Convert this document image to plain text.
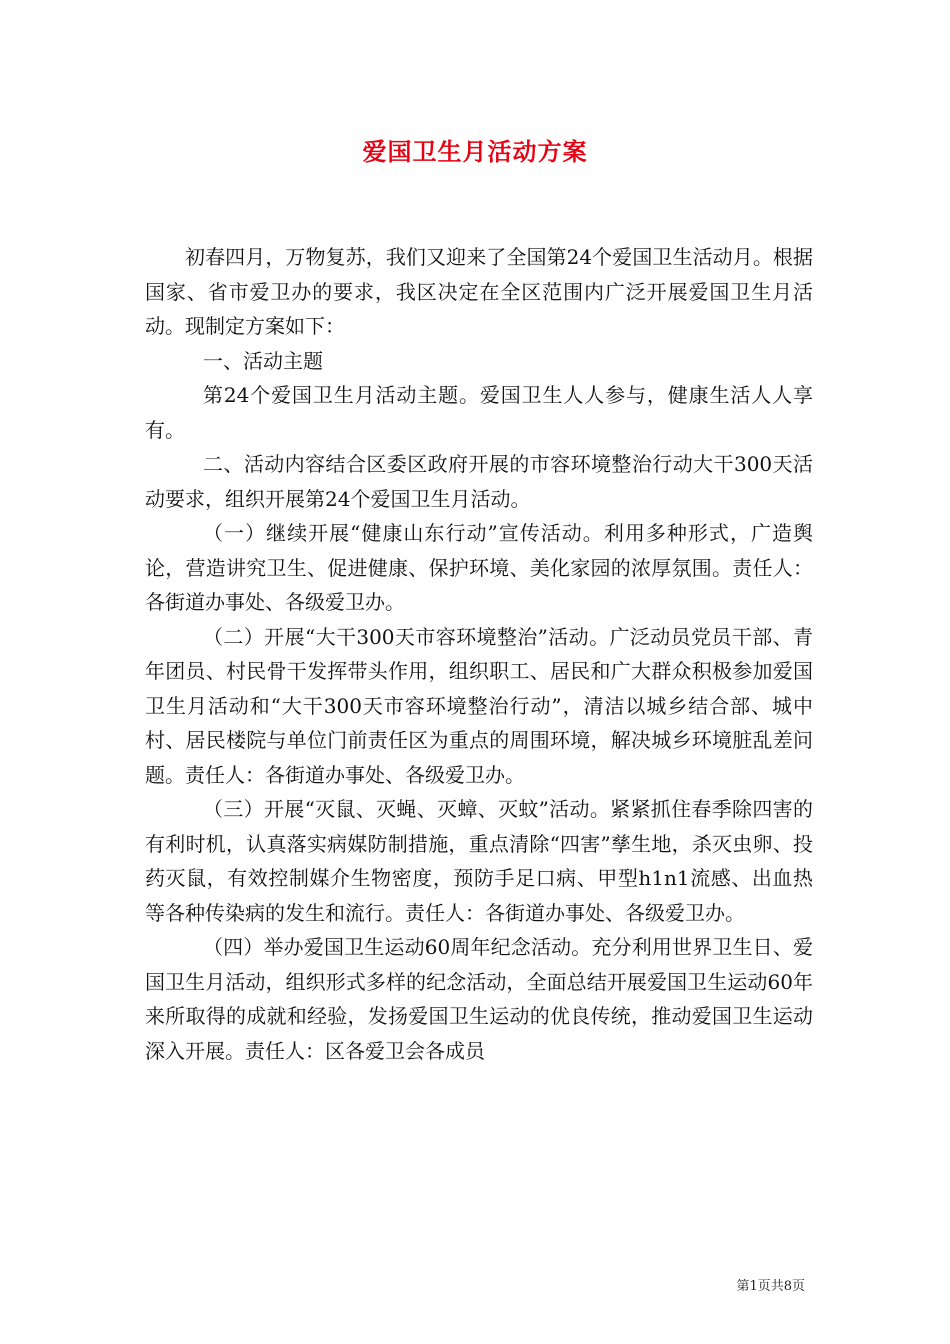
爱国卫生月活动方案

初春四月，万物复苏，我们又迎来了全国第24个爱国卫生活动月。根据国家、省市爱卫办的要求，我区决定在全区范围内广泛开展爱国卫生月活动。现制定方案如下：

一、活动主题

第24个爱国卫生月活动主题。爱国卫生人人参与，健康生活人人享有。

二、活动内容结合区委区政府开展的市容环境整治行动大干300天活动要求，组织开展第24个爱国卫生月活动。

（一）继续开展“健康山东行动”宣传活动。利用多种形式，广造舆论，营造讲究卫生、促进健康、保护环境、美化家园的浓厚氛围。责任人：各街道办事处、各级爱卫办。

（二）开展“大干300天市容环境整治”活动。广泛动员党员干部、青年团员、村民骨干发挥带头作用，组织职工、居民和广大群众积极参加爱国卫生月活动和“大干300天市容环境整治行动”，清洁以城乡结合部、城中村、居民楼院与单位门前责任区为重点的周围环境，解决城乡环境脏乱差问题。责任人：各街道办事处、各级爱卫办。

（三）开展“灭鼠、灭蝇、灭蟑、灭蚊”活动。紧紧抓住春季除四害的有利时机，认真落实病媒防制措施，重点清除“四害”孳生地，杀灭虫卵、投药灭鼠，有效控制媒介生物密度，预防手足口病、甲型h1n1流感、出血热等各种传染病的发生和流行。责任人：各街道办事处、各级爱卫办。

（四）举办爱国卫生运动60周年纪念活动。充分利用世界卫生日、爱国卫生月活动，组织形式多样的纪念活动，全面总结开展爱国卫生运动60年来所取得的成就和经验，发扬爱国卫生运动的优良传统，推动爱国卫生运动深入开展。责任人：区各爱卫会各成员

第1页共8页
